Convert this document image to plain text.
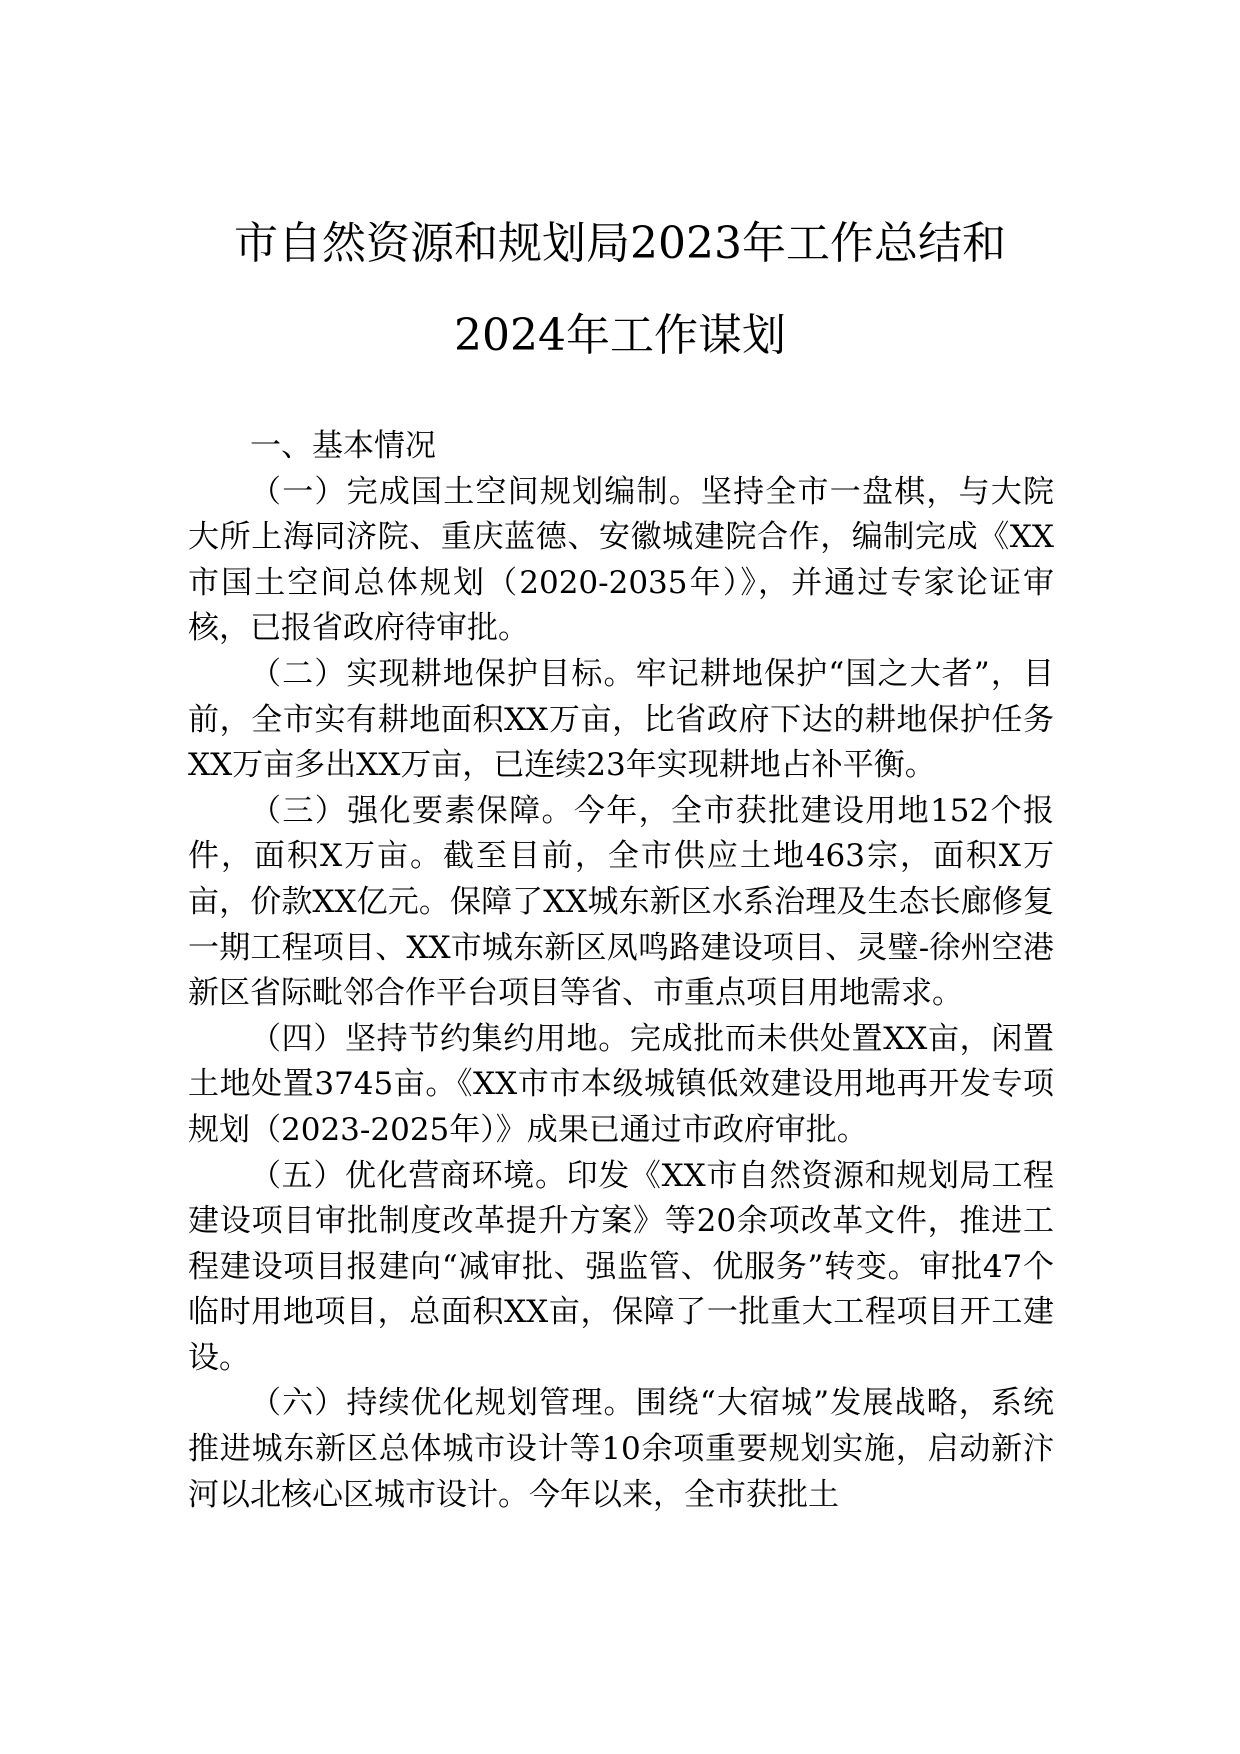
市自然资源和规划局2023年工作总结和
2024年工作谋划

一、基本情况

（一）完成国土空间规划编制。坚持全市一盘棋，与大院大所上海同济院、重庆蓝德、安徽城建院合作，编制完成《XX市国土空间总体规划（2020-2035年）》，并通过专家论证审核，已报省政府待审批。

（二）实现耕地保护目标。牢记耕地保护“国之大者”，目前，全市实有耕地面积XX万亩，比省政府下达的耕地保护任务XX万亩多出XX万亩，已连续23年实现耕地占补平衡。

（三）强化要素保障。今年，全市获批建设用地152个报件，面积X万亩。截至目前，全市供应土地463宗，面积X万亩，价款XX亿元。保障了XX城东新区水系治理及生态长廊修复一期工程项目、XX市城东新区凤鸣路建设项目、灵璧-徐州空港新区省际毗邻合作平台项目等省、市重点项目用地需求。

（四）坚持节约集约用地。完成批而未供处置XX亩，闲置土地处置3745亩。《XX市市本级城镇低效建设用地再开发专项规划（2023-2025年）》成果已通过市政府审批。

（五）优化营商环境。印发《XX市自然资源和规划局工程建设项目审批制度改革提升方案》等20余项改革文件，推进工程建设项目报建向“减审批、强监管、优服务”转变。审批47个临时用地项目，总面积XX亩，保障了一批重大工程项目开工建设。

（六）持续优化规划管理。围绕“大宿城”发展战略，系统推进城东新区总体城市设计等10余项重要规划实施，启动新汴河以北核心区城市设计。今年以来，全市获批土
